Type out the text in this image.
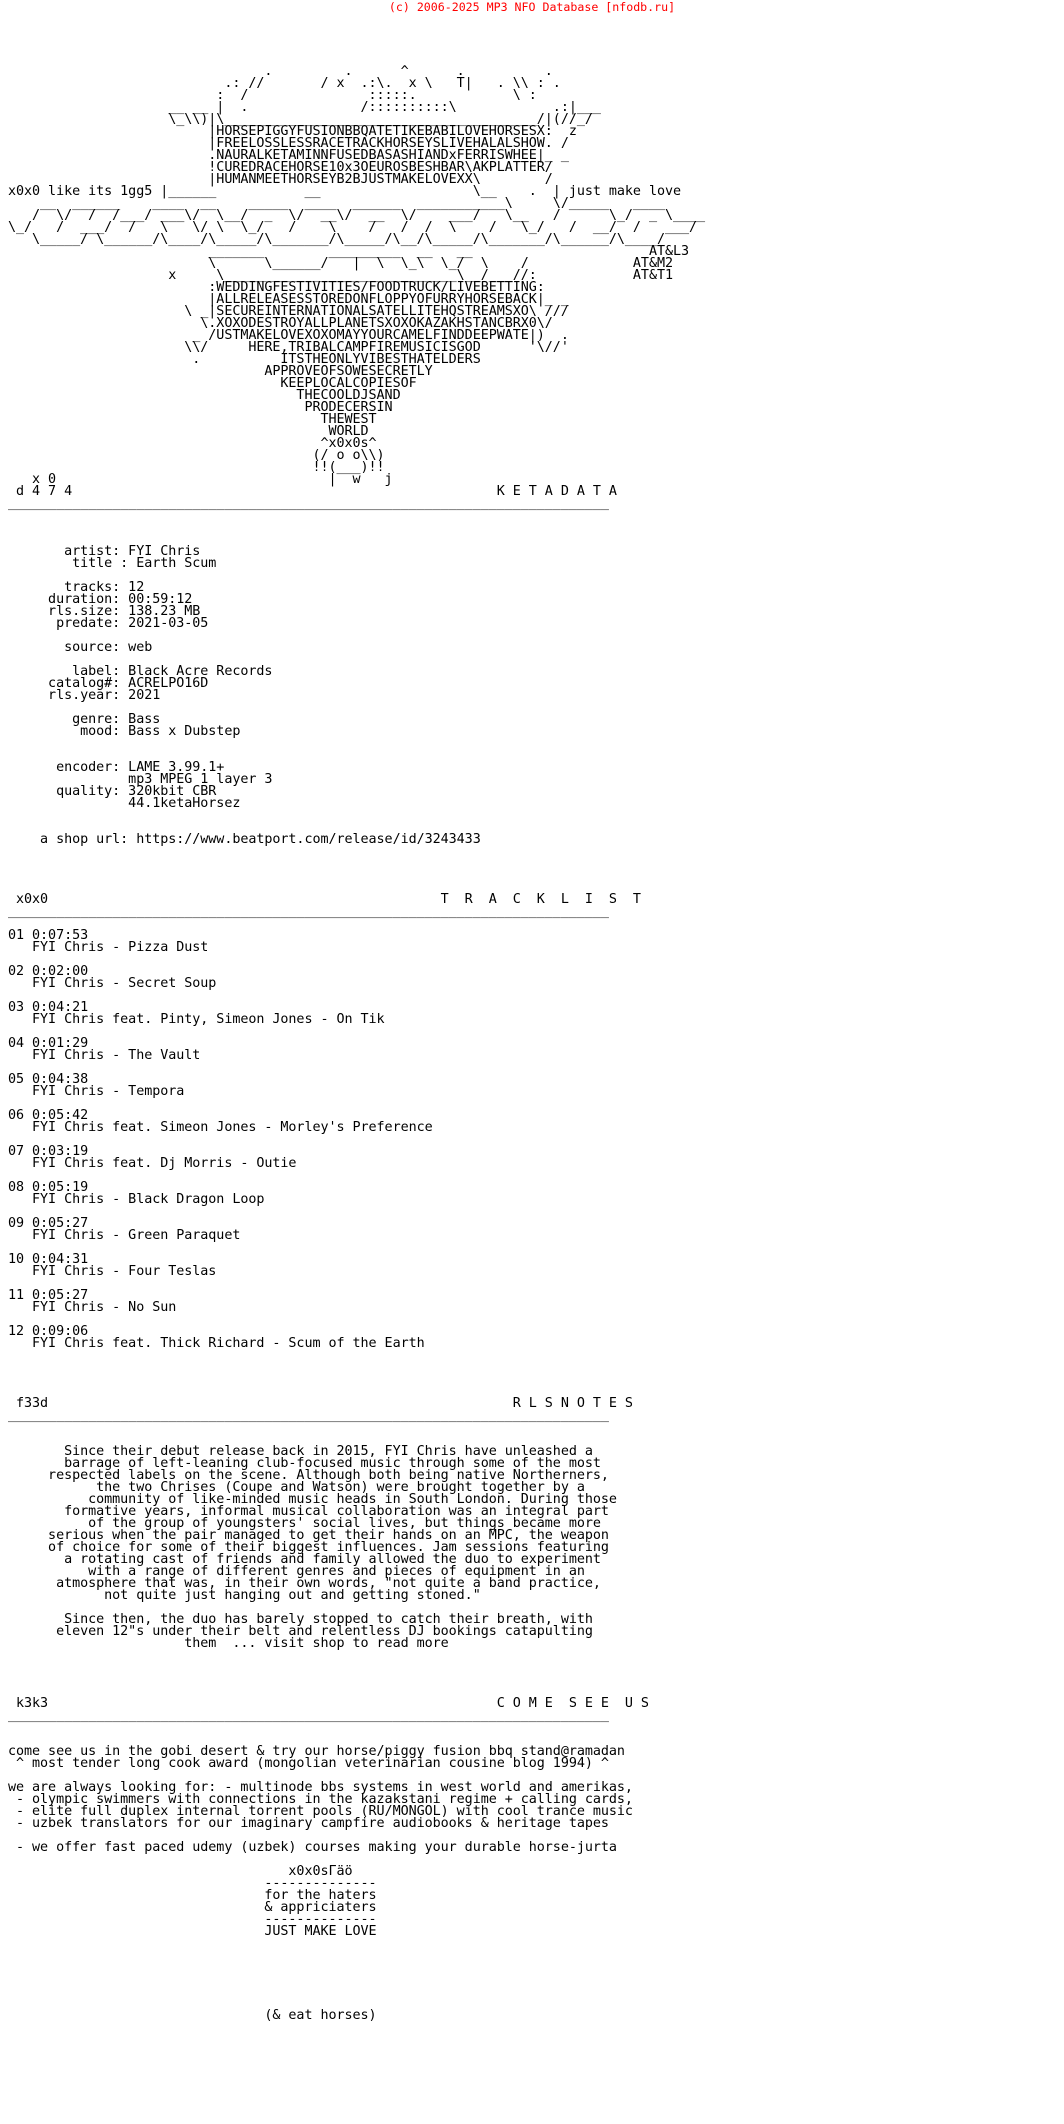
(c) 2006-2025 MP3 NFO Database [nfodb.ru]
.         .      ^      .          .
.: //       / x  .:\.  x \   T|   . \\ : .
:  /               :::::.            \ :
__ __ |  .              /::::::::::\            .:|___
\_\\)|\_______________________________________/|(//_/
|HORSEPIGGYFUSIONBBQATETIKEBABILOVEHORSESX:  z
|FREELOSSLESSRACETRACKHORSEYSLIVEHALALSHOW. /
.NAURALKETAMINNFUSEDBASASHIANDxFERRISWHEE|_ _
!CUREDRACEHORSE10x3OEUROSBESHBAR\AKPLATTER/
|HUMANMEETHORSEYB2BJUSTMAKELOVEXX\        /
x0x0 like its 1gg5 |______           __                   \__    .  | just make love
__  ______    ____  __    _____  ____  ______  ___________\     \/_____   ____
/  \/  /  /___/ ___\/  \__/  _  \/  __\/  __  \/    ___/   \__   /      \_/  _ \____
\_/   /  ___/  /   \   \/ \  \_/   /    \    /   /  /  \    /   \_/   /  __/  /   ___/
\_____/ \______/\____/\_____/\_______/\_____/\__/\_____/\_______/\______/\____/
_______        _________  __   __                      AT&L3
\      \______/   |  \  \_\  \_/  \    /             AT&M2
x     \_____________________________\__/___//:            AT&T1
:WEDDINGFESTIVITIES/FOODTRUCK/LIVEBETTING:
|ALLRELEASESSTOREDONFLOPPYOFURRYHORSEBACK|_ _
\ _|SECUREINTERNATIONALSATELLITEHQSTREAMSXO\ ///
\.XOXODESTROYALLPLANETSXOXOKAZAKHSTANCBRX0\/
_ /USTMAKELOVEXOXOMAYYOURCAMELFINDDEEPWATE|)  .
\\/     HERE,TRIBALCAMPFIREMUSICISGOD      '\//'
.          ITSTHEONLYVIBESTHATELDERS
APPROVEOFSOWESECRETLY
KEEPLOCALCOPIESOF
THECOOLDJSAND
PRODECERSIN
THEWEST
WORLD
^x0x0s^
(/ o o\\)
!!(___)!!
x 0                                  |  w   j
d 4 7 4                                                     K E T A D A T A
___________________________________________________________________________

artist: FYI Chris
title : Earth Scum

tracks: 12
duration: 00:59:12
rls.size: 138.23 MB
predate: 2021-03-05

source: web

label: Black Acre Records
catalog#: ACRELPO16D
rls.year: 2021

genre: Bass
mood: Bass x Dubstep

encoder: LAME 3.99.1+
mp3 MPEG 1 layer 3
quality: 320kbit CBR
44.1ketaHorsez

a shop url: https://www.beatport.com/release/id/3243433

x0x0                                                 T  R  A  C  K  L  I  S  T
___________________________________________________________________________

01 0:07:53
FYI Chris - Pizza Dust

02 0:02:00
FYI Chris - Secret Soup

03 0:04:21
FYI Chris feat. Pinty, Simeon Jones - On Tik

04 0:01:29
FYI Chris - The Vault

05 0:04:38
FYI Chris - Tempora

06 0:05:42
FYI Chris feat. Simeon Jones - Morley's Preference

07 0:03:19
FYI Chris feat. Dj Morris - Outie

08 0:05:19
FYI Chris - Black Dragon Loop

09 0:05:27
FYI Chris - Green Paraquet

10 0:04:31
FYI Chris - Four Teslas

11 0:05:27
FYI Chris - No Sun

12 0:09:06
FYI Chris feat. Thick Richard - Scum of the Earth

f33d                                                          R L S N O T E S
___________________________________________________________________________

Since their debut release back in 2015, FYI Chris have unleashed a
barrage of left-leaning club-focused music through some of the most
respected labels on the scene. Although both being native Northerners,
the two Chrises (Coupe and Watson) were brought together by a
community of like-minded music heads in South London. During those
formative years, informal musical collaboration was an integral part
of the group of youngsters' social lives, but things became more
serious when the pair managed to get their hands on an MPC, the weapon
of choice for some of their biggest influences. Jam sessions featuring
a rotating cast of friends and family allowed the duo to experiment
with a range of different genres and pieces of equipment in an
atmosphere that was, in their own words, "not quite a band practice,
not quite just hanging out and getting stoned."

Since then, the duo has barely stopped to catch their breath, with
eleven 12"s under their belt and relentless DJ bookings catapulting
them  ... visit shop to read more

k3k3                                                        C O M E  S E E  U S
___________________________________________________________________________

come see us in the gobi desert & try our horse/piggy fusion bbq stand@ramadan
^ most tender long cook award (mongolian veterinarian cousine blog 1994) ^

we are always looking for: - multinode bbs systems in west world and amerikas,
- olympic swimmers with connections in the kazakstani regime + calling cards,
- elite full duplex internal torrent pools (RU/MONGOL) with cool trance music
- uzbek translators for our imaginary campfire audiobooks & heritage tapes

- we offer fast paced udemy (uzbek) courses making your durable horse-jurta

x0x0sГäö
--------------
for the haters
& appriciaters
--------------
JUST MAKE LOVE

(& eat horses)
